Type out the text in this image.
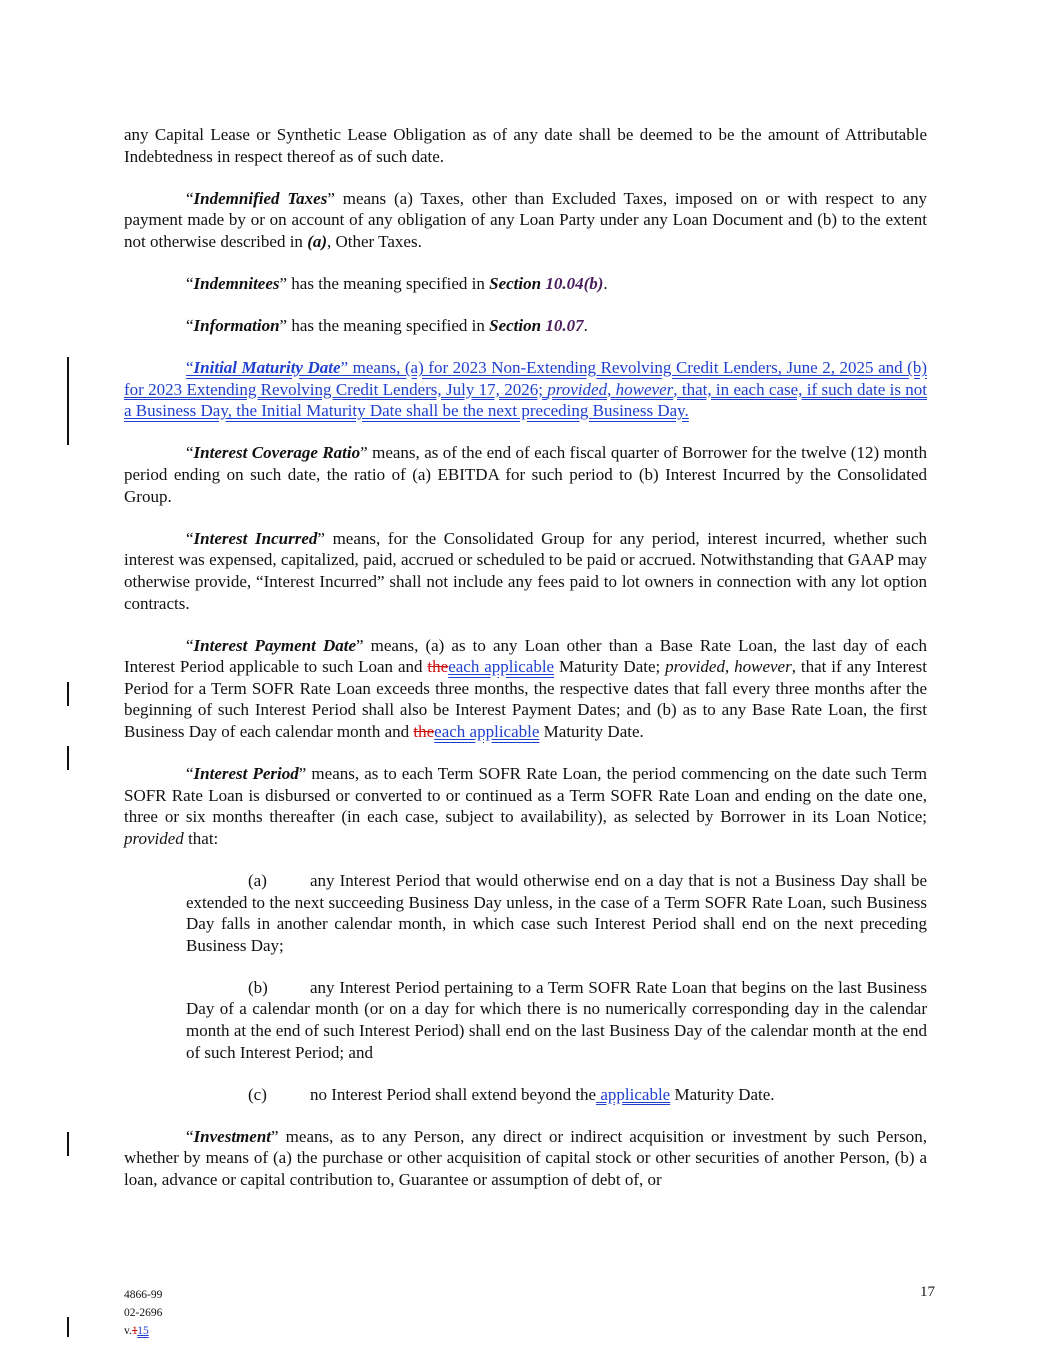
any Capital Lease or Synthetic Lease Obligation as of any date shall be deemed to be the amount of Attributable Indebtedness in respect thereof as of such date.

“Indemnified Taxes” means (a) Taxes, other than Excluded Taxes, imposed on or with respect to any payment made by or on account of any obligation of any Loan Party under any Loan Document and (b) to the extent not otherwise described in (a), Other Taxes.

“Indemnitees” has the meaning specified in Section 10.04(b).

“Information” has the meaning specified in Section 10.07.

“Initial Maturity Date” means, (a) for 2023 Non-Extending Revolving Credit Lenders, June 2, 2025 and (b) for 2023 Extending Revolving Credit Lenders, July 17, 2026; provided, however, that, in each case, if such date is not a Business Day, the Initial Maturity Date shall be the next preceding Business Day.

“Interest Coverage Ratio” means, as of the end of each fiscal quarter of Borrower for the twelve (12) month period ending on such date, the ratio of (a) EBITDA for such period to (b) Interest Incurred by the Consolidated Group.

“Interest Incurred” means, for the Consolidated Group for any period, interest incurred, whether such interest was expensed, capitalized, paid, accrued or scheduled to be paid or accrued. Notwithstanding that GAAP may otherwise provide, “Interest Incurred” shall not include any fees paid to lot owners in connection with any lot option contracts.

“Interest Payment Date” means, (a) as to any Loan other than a Base Rate Loan, the last day of each Interest Period applicable to such Loan and theeach applicable Maturity Date; provided, however, that if any Interest Period for a Term SOFR Rate Loan exceeds three months, the respective dates that fall every three months after the beginning of such Interest Period shall also be Interest Payment Dates; and (b) as to any Base Rate Loan, the first Business Day of each calendar month and theeach applicable Maturity Date.

“Interest Period” means, as to each Term SOFR Rate Loan, the period commencing on the date such Term SOFR Rate Loan is disbursed or converted to or continued as a Term SOFR Rate Loan and ending on the date one, three or six months thereafter (in each case, subject to availability), as selected by Borrower in its Loan Notice; provided that:

(a)	any Interest Period that would otherwise end on a day that is not a Business Day shall be extended to the next succeeding Business Day unless, in the case of a Term SOFR Rate Loan, such Business Day falls in another calendar month, in which case such Interest Period shall end on the next preceding Business Day;

(b) any Interest Period pertaining to a Term SOFR Rate Loan that begins on the last Business Day of a calendar month (or on a day for which there is no numerically corresponding day in the calendar month at the end of such Interest Period) shall end on the last Business Day of the calendar month at the end of such Interest Period; and

(c)	no Interest Period shall extend beyond the applicable Maturity Date.

“Investment” means, as to any Person, any direct or indirect acquisition or investment by such Person, whether by means of (a) the purchase or other acquisition of capital stock or other securities of another Person, (b) a loan, advance or capital contribution to, Guarantee or assumption of debt of, or

4866-99
02-2696
v.115
17
